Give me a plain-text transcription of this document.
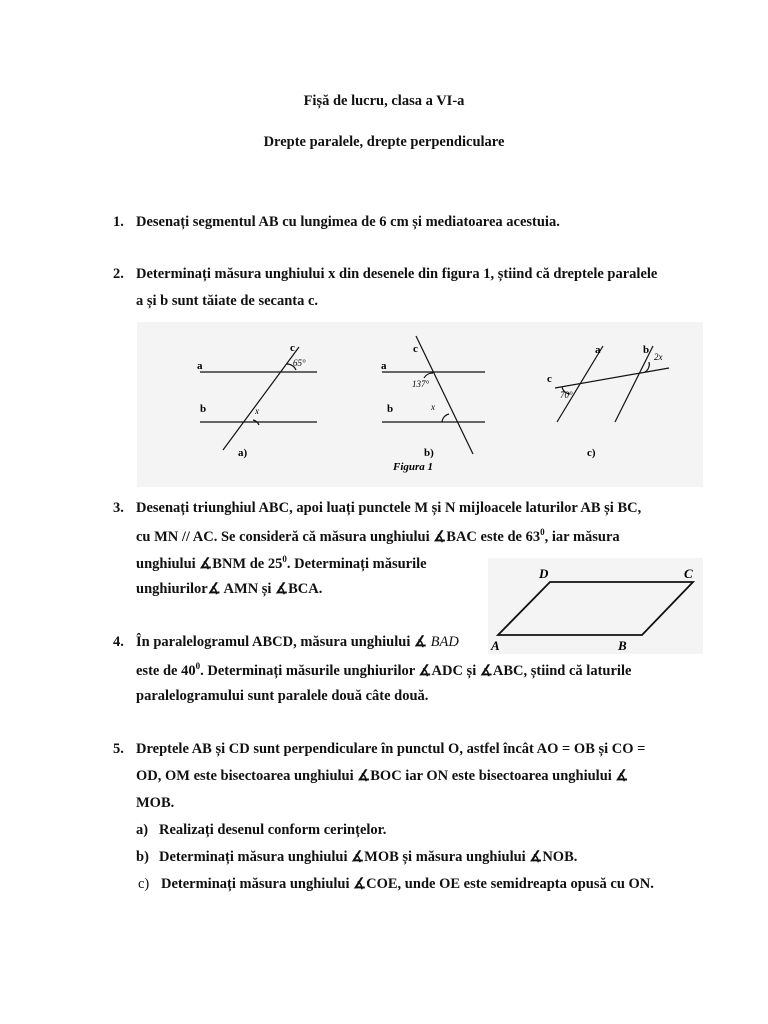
Fișă de lucru, clasa a VI-a
Drepte paralele, drepte perpendiculare
1. Desenați segmentul AB cu lungimea de 6 cm și mediatoarea acestuia.
2. Determinați măsura unghiului x din desenele din figura 1, știind că dreptele paralele
a și b sunt tăiate de secanta c.
c
a
b
65°
x
a)
c
a
b
137°
x
b)
Figura 1
a	b
c
70°
2x
c)
3. Desenați triunghiul ABC, apoi luați punctele M și N mijloacele laturilor AB și BC,
cu MN // AC. Se consideră că măsura unghiului ∡BAC este de $63^0$, iar măsura
unghiului ∡BNM de $25^0$. Determinați măsurile
unghiurilor∡ AMN și ∡BCA.
D	C
A	B
4. În paralelogramul ABCD, măsura unghiului ∡ BAD
este de $40^0$. Determinați măsurile unghiurilor ∡ADC și ∡ABC, știind că laturile
paralelogramului sunt paralele două câte două.
5. Dreptele AB și CD sunt perpendiculare în punctul O, astfel încât AO = OB și CO =
OD, OM este bisectoarea unghiului ∡BOC iar ON este bisectoarea unghiului ∡
MOB.
a) Realizați desenul conform cerințelor.
b) Determinați măsura unghiului ∡MOB și măsura unghiului ∡NOB.
c) Determinați măsura unghiului ∡COE, unde OE este semidreapta opusă cu ON.
